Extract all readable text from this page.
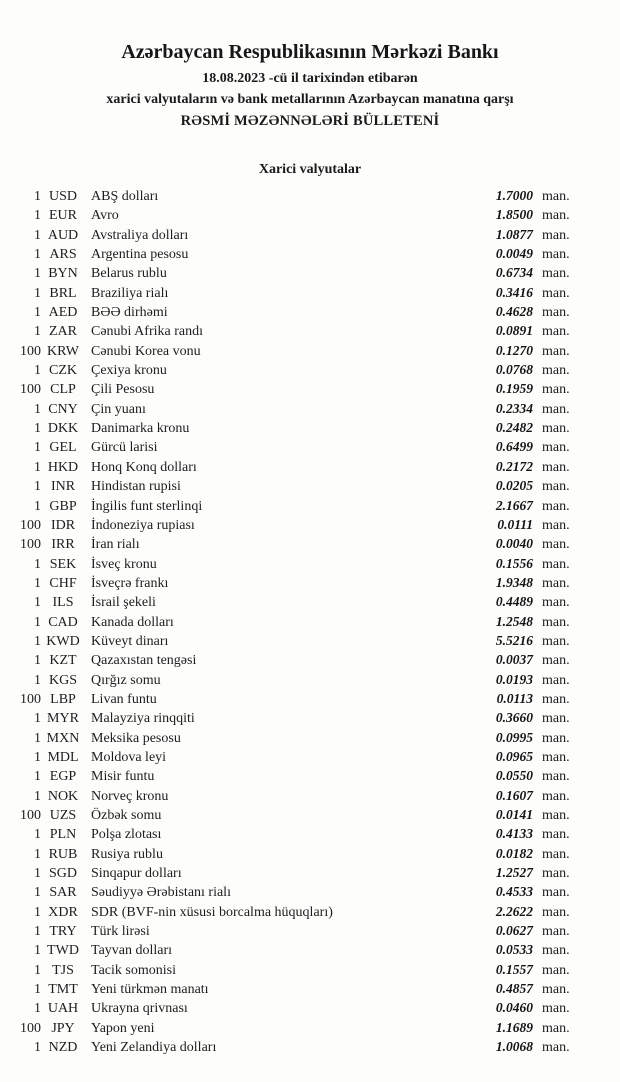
Azərbaycan Respublikasının Mərkəzi Bankı
18.08.2023 -cü il tarixindən etibarən
xarici valyutaların və bank metallarının Azərbaycan manatına qarşı
RƏSMİ MƏZƏNNƏLƏRİ BÜLLETENİ
Xarici valyutalar
1 USD	ABŞ dolları	1.7000 man.
1 EUR	Avro	1.8500 man.
1 AUD Avstraliya dolları	1.0877 man.
1 ARS	Argentina pesosu	0.0049 man.
1 BYN Belarus rublu	0.6734 man.
1 BRL	Braziliya rialı	0.3416 man.
1 AED BƏƏ dirhəmi	0.4628 man.
1 ZAR	Cənubi Afrika randı	0.0891 man.
100 KRW Cənubi Korea vonu	0.1270 man.
1 CZK	Çexiya kronu	0.0768 man.
100 CLP	Çili Pesosu	0.1959 man.
1 CNY Çin yuanı	0.2334 man.
1 DKK Danimarka kronu	0.2482 man.
1 GEL	Gürcü larisi	0.6499 man.
1 HKD Honq Konq dolları	0.2172 man.
1 INR	Hindistan rupisi	0.0205 man.
1 GBP	İngilis funt sterlinqi	2.1667 man.
100 IDR	İndoneziya rupiası	0.0111 man.
100 IRR	İran rialı	0.0040 man.
1 SEK	İsveç kronu	0.1556 man.
1 CHF	İsveçrə frankı	1.9348 man.
1 ILS	İsrail şekeli	0.4489 man.
1 CAD Kanada dolları	1.2548 man.
1 KWD Küveyt dinarı	5.5216 man.
1 KZT	Qazaxıstan tengəsi	0.0037 man.
1 KGS	Qırğız somu	0.0193 man.
100 LBP	Livan funtu	0.0113 man.
1 MYR Malayziya rinqqiti	0.3660 man.
1 MXN Meksika pesosu	0.0995 man.
1 MDL Moldova leyi	0.0965 man.
1 EGP	Misir funtu	0.0550 man.
1 NOK Norveç kronu	0.1607 man.
100 UZS	Özbək somu	0.0141 man.
1 PLN	Polşa zlotası	0.4133 man.
1 RUB Rusiya rublu	0.0182 man.
1 SGD	Sinqapur dolları	1.2527 man.
1 SAR	Səudiyyə Ərəbistanı rialı	0.4533 man.
1 XDR SDR (BVF-nin xüsusi borcalma hüquqları)	2.2622 man.
1 TRY	Türk lirəsi	0.0627 man.
1 TWD Tayvan dolları	0.0533 man.
1 TJS	Tacik somonisi	0.1557 man.
1 TMT Yeni türkmən manatı	0.4857 man.
1 UAH Ukrayna qrivnası	0.0460 man.
100 JPY	Yapon yeni	1.1689 man.
1 NZD Yeni Zelandiya dolları	1.0068 man.
